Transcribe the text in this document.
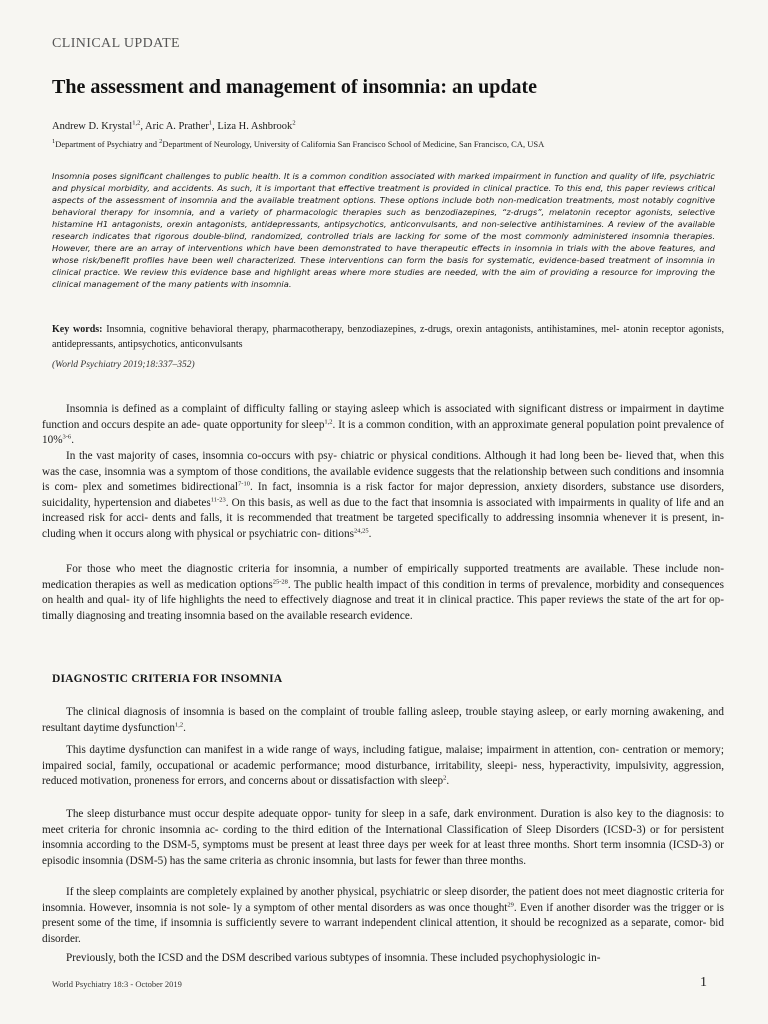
CLINICAL UPDATE
The assessment and management of insomnia: an update
Andrew D. Krystal$^{1,2}$, Aric A. Prather$^1$, Liza H. Ashbrook$^2$
$^1$Department of Psychiatry and $^2$Department of Neurology, University of California San Francisco School of Medicine, San Francisco, CA, USA

Insomnia poses significant challenges to public health. It is a common condition associated with marked impairment in function and quality of life, psychiatric and physical morbidity, and accidents. As such, it is important that effective treatment is provided in clinical practice. To this end, this paper reviews critical aspects of the assessment of insomnia and the available treatment options. These options include both non-medication treatments, most notably cognitive behavioral therapy for insomnia, and a variety of pharmacologic therapies such as benzodiazepines, “z-drugs”, melatonin receptor agonists, selective histamine H1 antagonists, orexin antagonists, antidepressants, antipsychotics, anticonvulsants, and non-selective antihistamines. A review of the available research indicates that rigorous double-blind, randomized, controlled trials are lacking for some of the most commonly administered insomnia therapies. However, there are an array of interventions which have been demonstrated to have therapeutic effects in insomnia in trials with the above features, and whose risk/benefit profiles have been well characterized. These interventions can form the basis for systematic, evidence-based treatment of insomnia in clinical practice. We review this evidence base and highlight areas where more studies are needed, with the aim of providing a resource for improving the clinical management of the many patients with insomnia.

Key words: Insomnia, cognitive behavioral therapy, pharmacotherapy, benzodiazepines, z-drugs, orexin antagonists, antihistamines, mel- atonin receptor agonists, antidepressants, antipsychotics, anticonvulsants

(World Psychiatry 2019;18:337–352)

Insomnia is defined as a complaint of difficulty falling or staying asleep which is associated with significant distress or impairment in daytime function and occurs despite an ade- quate opportunity for sleep$^{1,2}$. It is a common condition, with an approximate general population point prevalence of 10%$^{3-6}$.

In the vast majority of cases, insomnia co-occurs with psy- chiatric or physical conditions. Although it had long been be- lieved that, when this was the case, insomnia was a symptom of those conditions, the available evidence suggests that the relationship between such conditions and insomnia is com- plex and sometimes bidirectional$^{7-10}$. In fact, insomnia is a risk factor for major depression, anxiety disorders, substance use disorders, suicidality, hypertension and diabetes$^{11-23}$. On this basis, as well as due to the fact that insomnia is associated with impairments in quality of life and an increased risk for acci- dents and falls, it is recommended that treatment be targeted specifically to addressing insomnia whenever it is present, in- cluding when it occurs along with physical or psychiatric con- ditions$^{24,25}$.

For those who meet the diagnostic criteria for insomnia, a number of empirically supported treatments are available. These include non-medication therapies as well as medication options$^{25-28}$. The public health impact of this condition in terms of prevalence, morbidity and consequences on health and qual- ity of life highlights the need to effectively diagnose and treat it in clinical practice. This paper reviews the state of the art for op- timally diagnosing and treating insomnia based on the available research evidence.

DIAGNOSTIC CRITERIA FOR INSOMNIA

The clinical diagnosis of insomnia is based on the complaint of trouble falling asleep, trouble staying asleep, or early morning awakening, and resultant daytime dysfunction$^{1,2}$.

This daytime dysfunction can manifest in a wide range of ways, including fatigue, malaise; impairment in attention, con- centration or memory; impaired social, family, occupational or academic performance; mood disturbance, irritability, sleepi- ness, hyperactivity, impulsivity, aggression, reduced motivation, proneness for errors, and concerns about or dissatisfaction with sleep$^2$.

The sleep disturbance must occur despite adequate oppor- tunity for sleep in a safe, dark environment. Duration is also key to the diagnosis: to meet criteria for chronic insomnia ac- cording to the third edition of the International Classification of Sleep Disorders (ICSD-3) or for persistent insomnia according to the DSM-5, symptoms must be present at least three days per week for at least three months. Short term insomnia (ICSD-3) or episodic insomnia (DSM-5) has the same criteria as chronic insomnia, but lasts for fewer than three months.

If the sleep complaints are completely explained by another physical, psychiatric or sleep disorder, the patient does not meet diagnostic criteria for insomnia. However, insomnia is not sole- ly a symptom of other mental disorders as was once thought$^{29}$. Even if another disorder was the trigger or is present some of the time, if insomnia is sufficiently severe to warrant independent clinical attention, it should be recognized as a separate, comor- bid disorder.

Previously, both the ICSD and the DSM described various subtypes of insomnia. These included psychophysiologic in-

World Psychiatry 18:3 - October 2019	1
